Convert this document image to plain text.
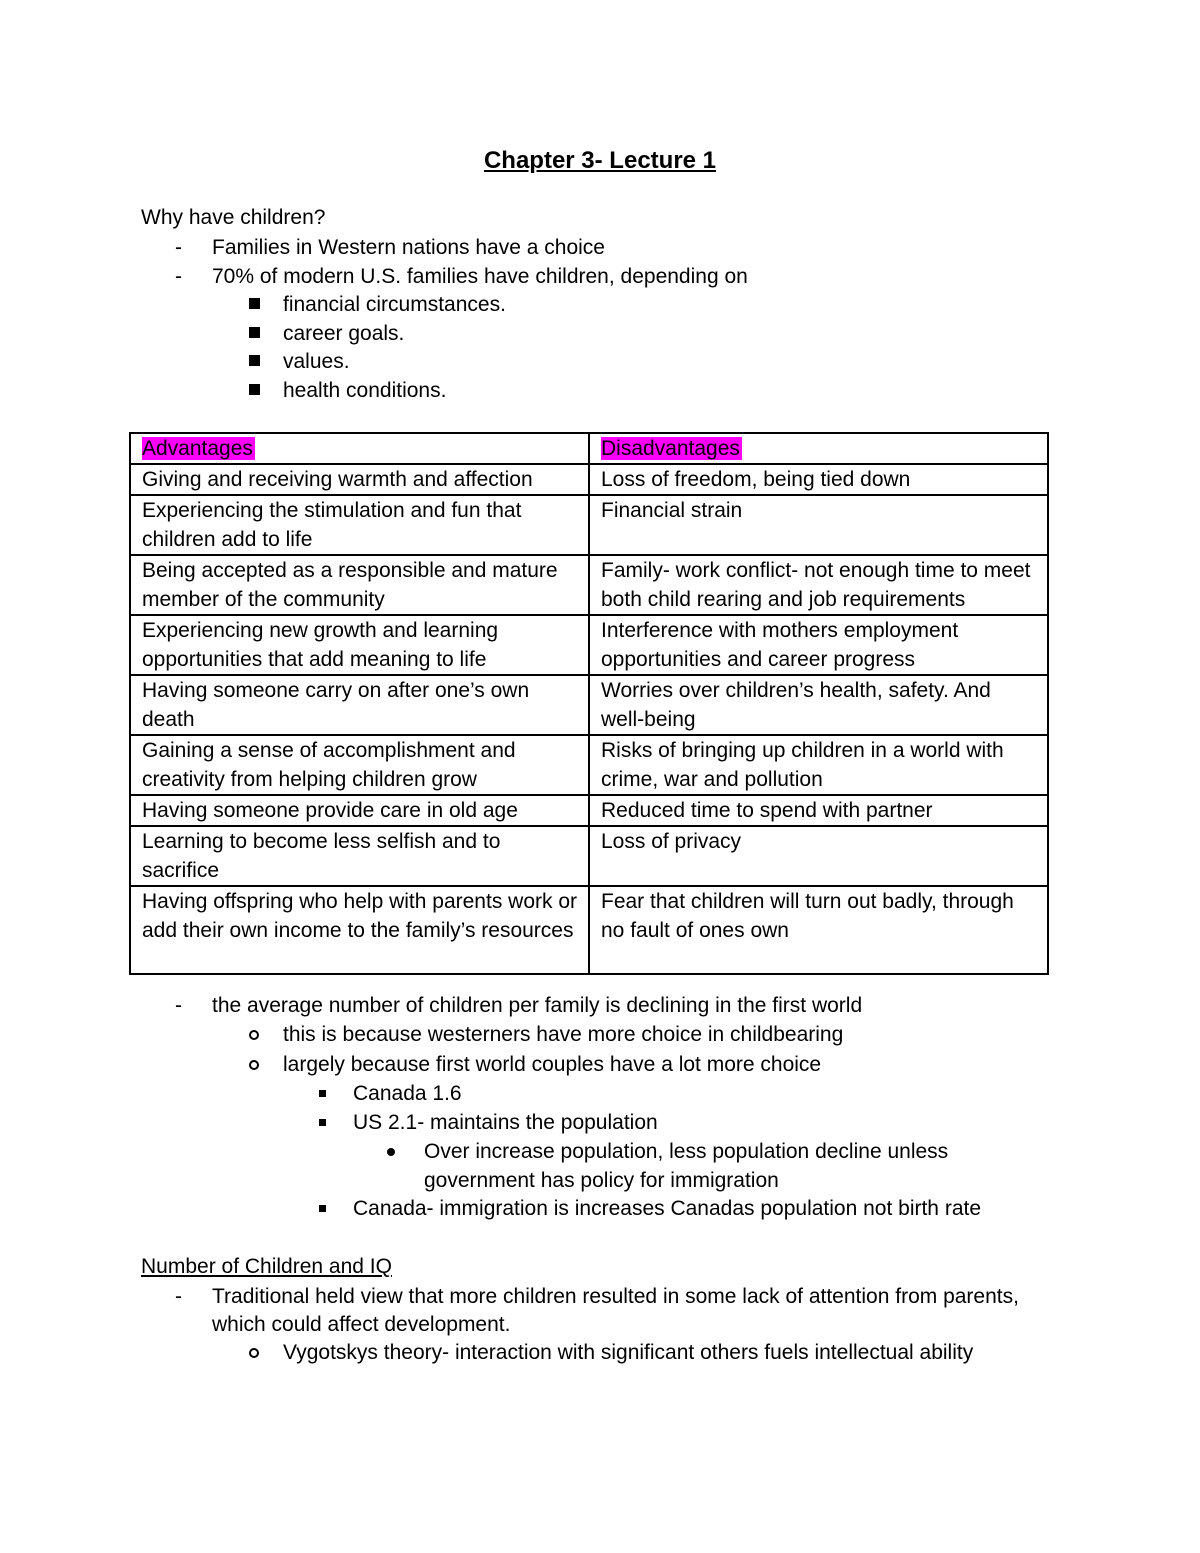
Chapter 3- Lecture 1
Why have children?
- Families in Western nations have a choice
- 70% of modern U.S. families have children, depending on
financial circumstances.
career goals.
values.
health conditions.
Advantages	Disadvantages
Giving and receiving warmth and affection	Loss of freedom, being tied down
Experiencing the stimulation and fun that children add to life	Financial strain
Being accepted as a responsible and mature member of the community	Family- work conflict- not enough time to meet both child rearing and job requirements
Experiencing new growth and learning opportunities that add meaning to life	Interference with mothers employment opportunities and career progress
Having someone carry on after one’s own death	Worries over children’s health, safety. And well-being
Gaining a sense of accomplishment and creativity from helping children grow	Risks of bringing up children in a world with crime, war and pollution
Having someone provide care in old age	Reduced time to spend with partner
Learning to become less selfish and to sacrifice	Loss of privacy
Having offspring who help with parents work or add their own income to the family’s resources	Fear that children will turn out badly, through no fault of ones own
- the average number of children per family is declining in the first world
this is because westerners have more choice in childbearing
largely because first world couples have a lot more choice
Canada 1.6
US 2.1- maintains the population
Over increase population, less population decline unless
government has policy for immigration
Canada- immigration is increases Canadas population not birth rate
Number of Children and IQ
- Traditional held view that more children resulted in some lack of attention from parents,
which could affect development.
Vygotskys theory- interaction with significant others fuels intellectual ability
